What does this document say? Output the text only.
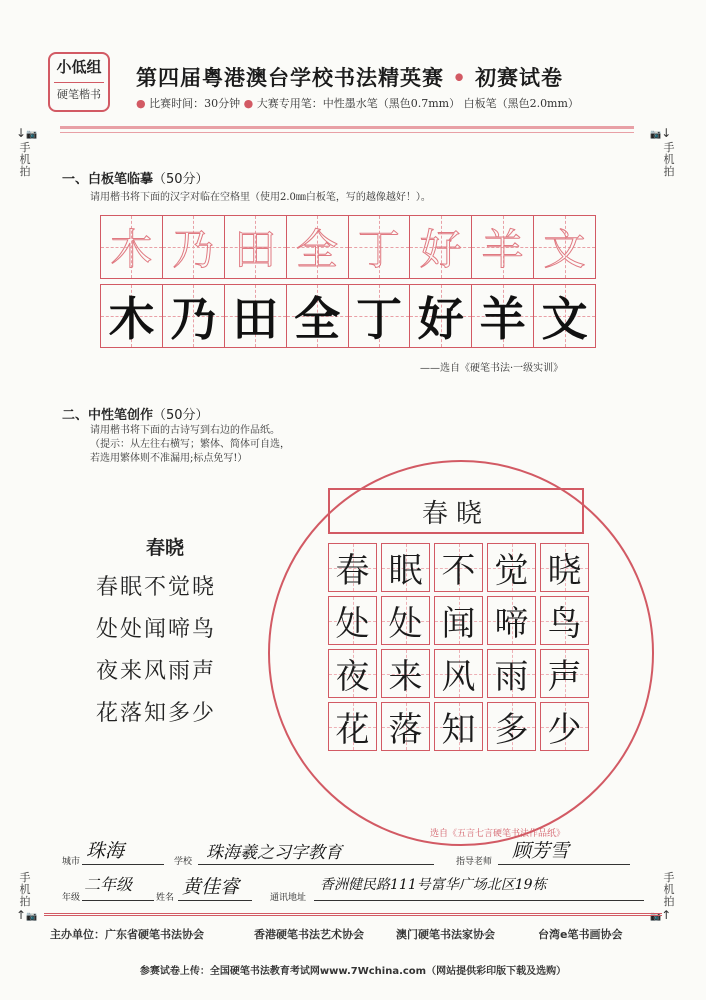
小低组
硬笔楷书
第四届粤港澳台学校书法精英赛 • 初赛试卷
● 比赛时间：30分钟 ● 大赛专用笔：中性墨水笔（黑色0.7mm） 白板笔（黑色2.0mm）
↓📷
手机拍
📷↓
手机拍
手机拍
↑📷
手机拍
📷↑
一、白板笔临摹（50分）
请用楷书将下面的汉字对临在空格里（使用2.0㎜白板笔，写的越像越好！）。
木 乃 田 全 丁 好 羊 文
木 乃 田 全 丁 好 羊 文
——选自《硬笔书法·一级实训》
二、中性笔创作（50分）
请用楷书将下面的古诗写到右边的作品纸。
（提示：从左往右横写；繁体、简体可自选，
若选用繁体则不准漏用;标点免写!）
春晓
春眠不觉晓
处处闻啼鸟
夜来风雨声
花落知多少
春晓
春 眠 不 觉 晓
处 处 闻 啼 鸟
夜 来 风 雨 声
花 落 知 多 少
选自《五言七言硬笔书法作品纸》
城市 珠海	学校 珠海羲之习字教育	指导老师 顾芳雪
年级
二年级
姓名 黄佳睿	通讯地址
香洲健民路111号富华广场北区19栋
主办单位：广东省硬笔书法协会	香港硬笔书法艺术协会	澳门硬笔书法家协会	台湾e笔书画协会
参赛试卷上传：全国硬笔书法教育考试网www.7Wchina.com（网站提供彩印版下载及选购）
